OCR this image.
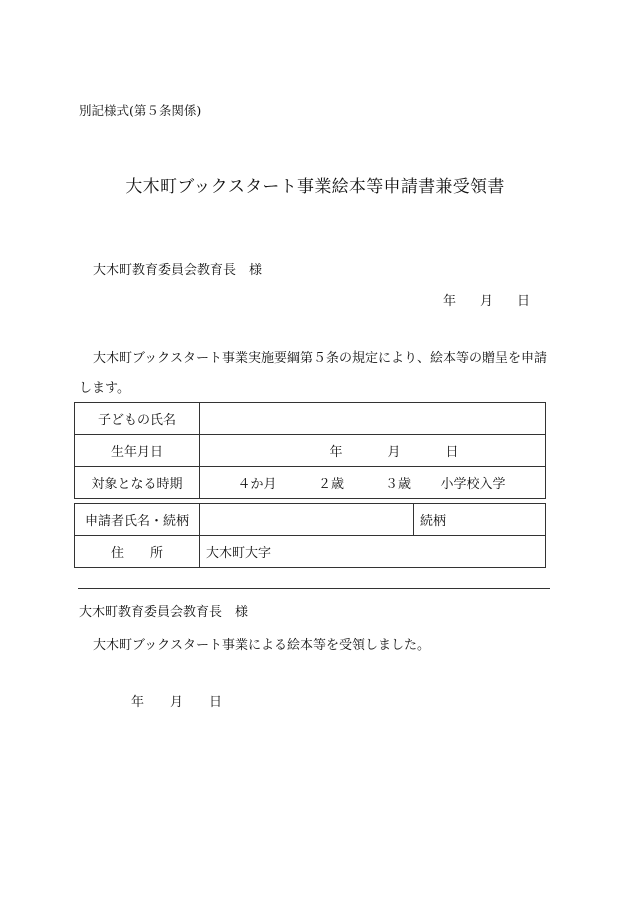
別記様式(第５条関係)
大木町ブックスタート事業絵本等申請書兼受領書
大木町教育委員会教育長　様
年 月 日
大木町ブックスタート事業実施要綱第５条の規定により、絵本等の贈呈を申請します。
子どもの氏名	
生年月日	年 月 日
対象となる時期	４か月 ２歳 ３歳 小学校入学
申請者氏名・続柄		続柄
住　　所	大木町大字	
大木町教育委員会教育長　様
大木町ブックスタート事業による絵本等を受領しました。
年 月 日
